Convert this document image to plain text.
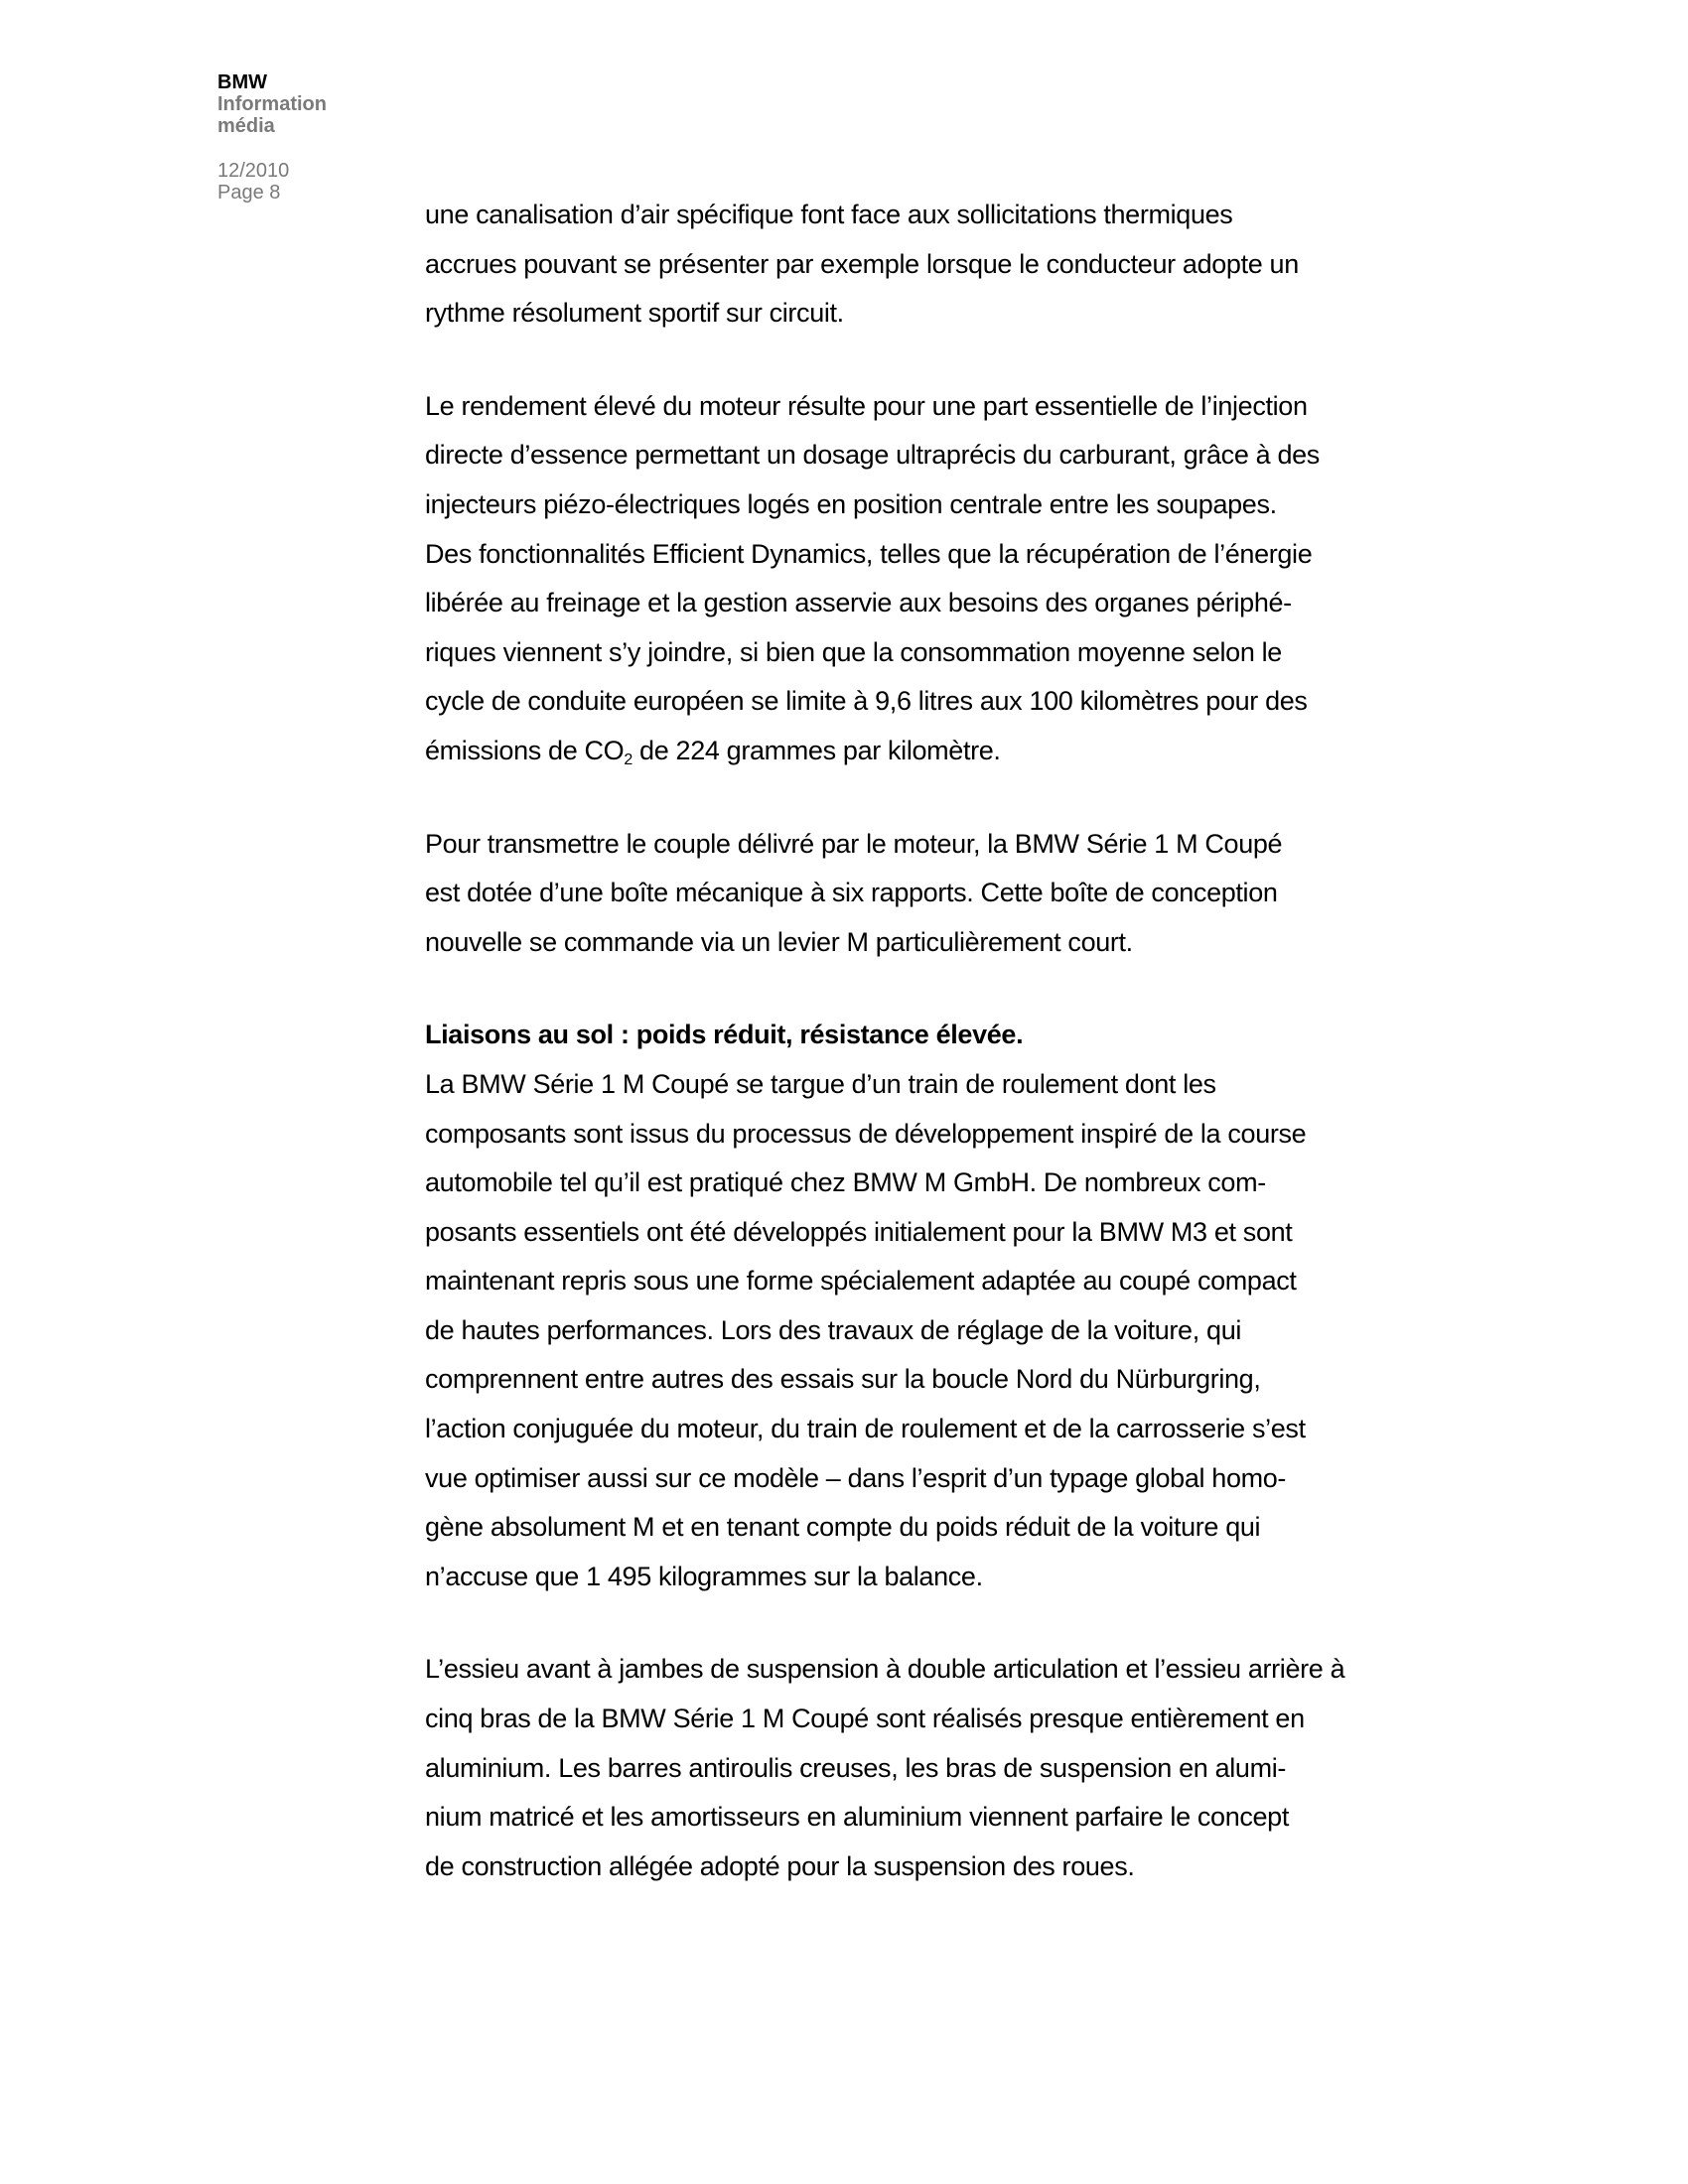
BMW
Information
média
12/2010
Page 8

une canalisation d’air spécifique font face aux sollicitations thermiques
accrues pouvant se présenter par exemple lorsque le conducteur adopte un
rythme résolument sportif sur circuit.

Le rendement élevé du moteur résulte pour une part essentielle de l’injection
directe d’essence permettant un dosage ultraprécis du carburant, grâce à des
injecteurs piézo-électriques logés en position centrale entre les soupapes.
Des fonctionnalités Efficient Dynamics, telles que la récupération de l’énergie
libérée au freinage et la gestion asservie aux besoins des organes périphé-
riques viennent s’y joindre, si bien que la consommation moyenne selon le
cycle de conduite européen se limite à 9,6 litres aux 100 kilomètres pour des
émissions de $CO_2$ de 224 grammes par kilomètre.

Pour transmettre le couple délivré par le moteur, la BMW Série 1 M Coupé
est dotée d’une boîte mécanique à six rapports. Cette boîte de conception
nouvelle se commande via un levier M particulièrement court.

Liaisons au sol : poids réduit, résistance élevée.

La BMW Série 1 M Coupé se targue d’un train de roulement dont les
composants sont issus du processus de développement inspiré de la course
automobile tel qu’il est pratiqué chez BMW M GmbH. De nombreux com-
posants essentiels ont été développés initialement pour la BMW M3 et sont
maintenant repris sous une forme spécialement adaptée au coupé compact
de hautes performances. Lors des travaux de réglage de la voiture, qui
comprennent entre autres des essais sur la boucle Nord du Nürburgring,
l’action conjuguée du moteur, du train de roulement et de la carrosserie s’est
vue optimiser aussi sur ce modèle – dans l’esprit d’un typage global homo-
gène absolument M et en tenant compte du poids réduit de la voiture qui
n’accuse que 1 495 kilogrammes sur la balance.

L’essieu avant à jambes de suspension à double articulation et l’essieu arrière à
cinq bras de la BMW Série 1 M Coupé sont réalisés presque entièrement en
aluminium. Les barres antiroulis creuses, les bras de suspension en alumi-
nium matricé et les amortisseurs en aluminium viennent parfaire le concept
de construction allégée adopté pour la suspension des roues.
